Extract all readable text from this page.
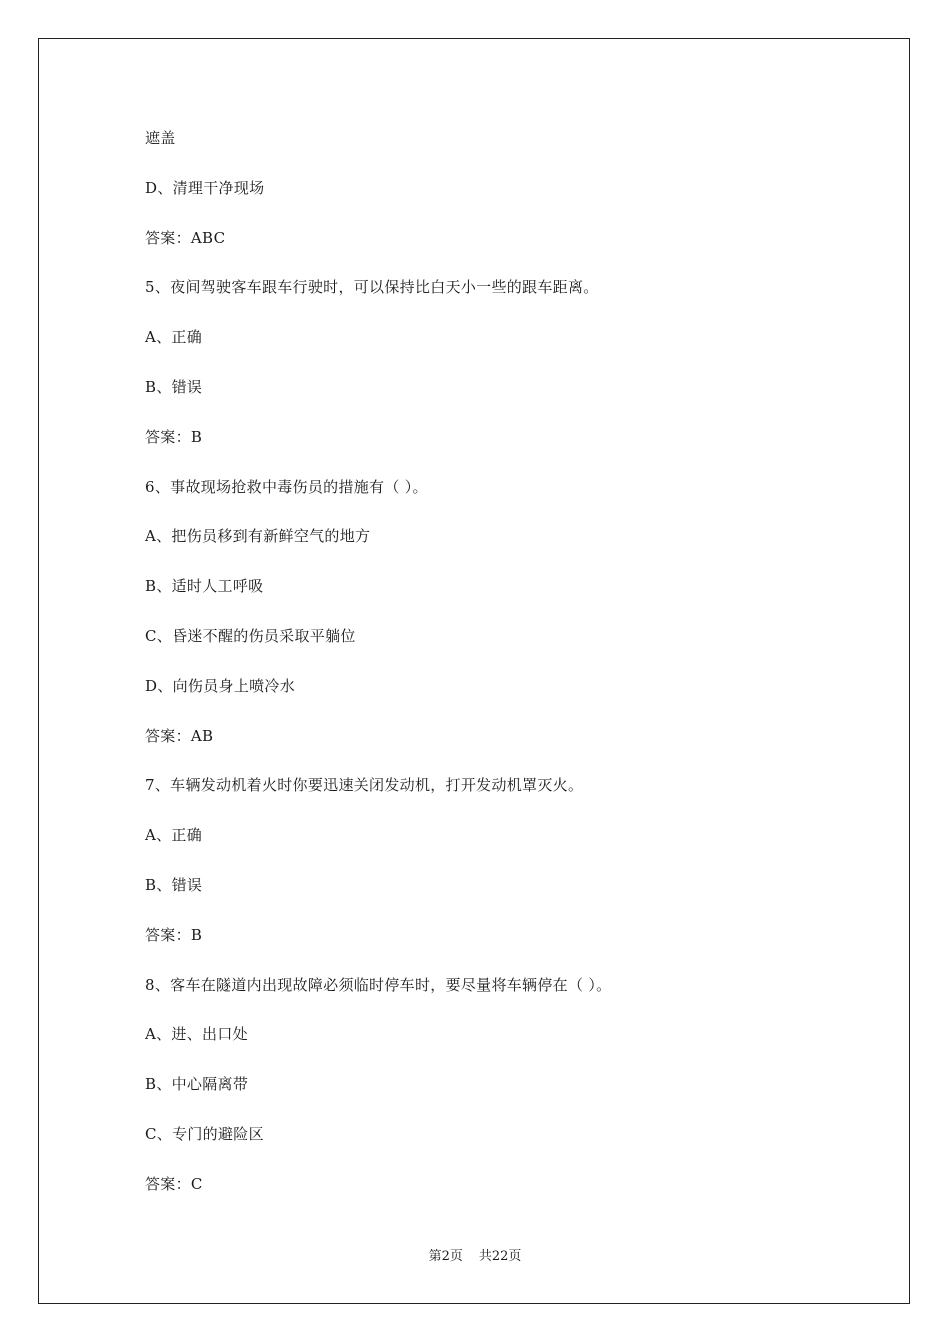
遮盖
D、清理干净现场
答案：ABC
5、夜间驾驶客车跟车行驶时，可以保持比白天小一些的跟车距离。
A、正确
B、错误
答案：B
6、事故现场抢救中毒伤员的措施有（ ）。
A、把伤员移到有新鲜空气的地方
B、适时人工呼吸
C、昏迷不醒的伤员采取平躺位
D、向伤员身上喷冷水
答案：AB
7、车辆发动机着火时你要迅速关闭发动机，打开发动机罩灭火。
A、正确
B、错误
答案：B
8、客车在隧道内出现故障必须临时停车时，要尽量将车辆停在（ ）。
A、进、出口处
B、中心隔离带
C、专门的避险区
答案：C
第2页 共22页
